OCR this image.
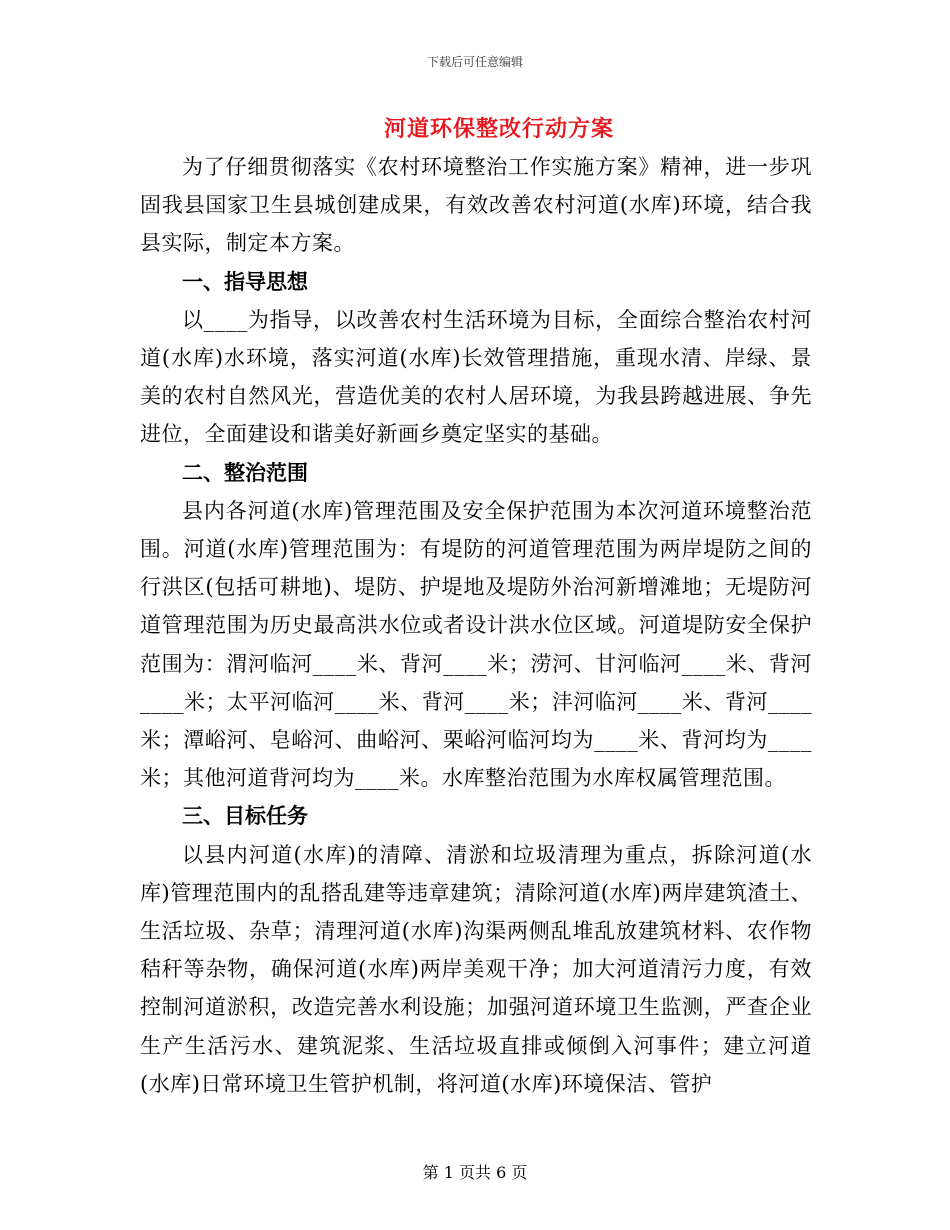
下载后可任意编辑
河道环保整改行动方案

为了仔细贯彻落实《农村环境整治工作实施方案》精神，进一步巩固我县国家卫生县城创建成果，有效改善农村河道(水库)环境，结合我县实际，制定本方案。

一、指导思想

以____为指导，以改善农村生活环境为目标，全面综合整治农村河道(水库)水环境，落实河道(水库)长效管理措施，重现水清、岸绿、景美的农村自然风光，营造优美的农村人居环境，为我县跨越进展、争先进位，全面建设和谐美好新画乡奠定坚实的基础。

二、整治范围

县内各河道(水库)管理范围及安全保护范围为本次河道环境整治范围。河道(水库)管理范围为：有堤防的河道管理范围为两岸堤防之间的行洪区(包括可耕地)、堤防、护堤地及堤防外治河新增滩地；无堤防河道管理范围为历史最高洪水位或者设计洪水位区域。河道堤防安全保护范围为：渭河临河____米、背河____米；涝河、甘河临河____米、背河____米；太平河临河____米、背河____米；沣河临河____米、背河____米；潭峪河、皂峪河、曲峪河、栗峪河临河均为____米、背河均为____米；其他河道背河均为____米。水库整治范围为水库权属管理范围。

三、目标任务

以县内河道(水库)的清障、清淤和垃圾清理为重点，拆除河道(水库)管理范围内的乱搭乱建等违章建筑；清除河道(水库)两岸建筑渣土、生活垃圾、杂草；清理河道(水库)沟渠两侧乱堆乱放建筑材料、农作物秸秆等杂物，确保河道(水库)两岸美观干净；加大河道清污力度，有效控制河道淤积，改造完善水利设施；加强河道环境卫生监测，严查企业生产生活污水、建筑泥浆、生活垃圾直排或倾倒入河事件；建立河道(水库)日常环境卫生管护机制，将河道(水库)环境保洁、管护

第 1 页共 6 页
